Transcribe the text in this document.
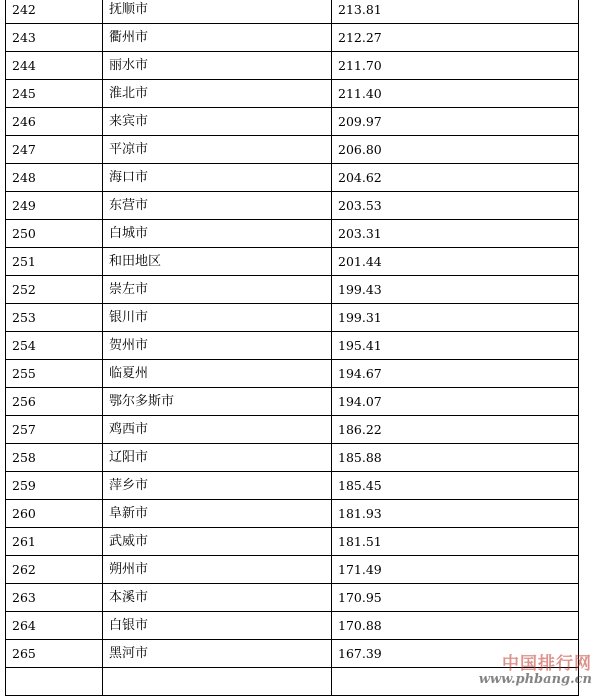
242	抚顺市	213.81
243	衢州市	212.27
244	丽水市	211.70
245	淮北市	211.40
246	来宾市	209.97
247	平凉市	206.80
248	海口市	204.62
249	东营市	203.53
250	白城市	203.31
251	和田地区	201.44
252	崇左市	199.43
253	银川市	199.31
254	贺州市	195.41
255	临夏州	194.67
256	鄂尔多斯市	194.07
257	鸡西市	186.22
258	辽阳市	185.88
259	萍乡市	185.45
260	阜新市	181.93
261	武威市	181.51
262	朔州市	171.49
263	本溪市	170.95
264	白银市	170.88
265	黑河市	167.39

中国排行网
www.phbang.cn
